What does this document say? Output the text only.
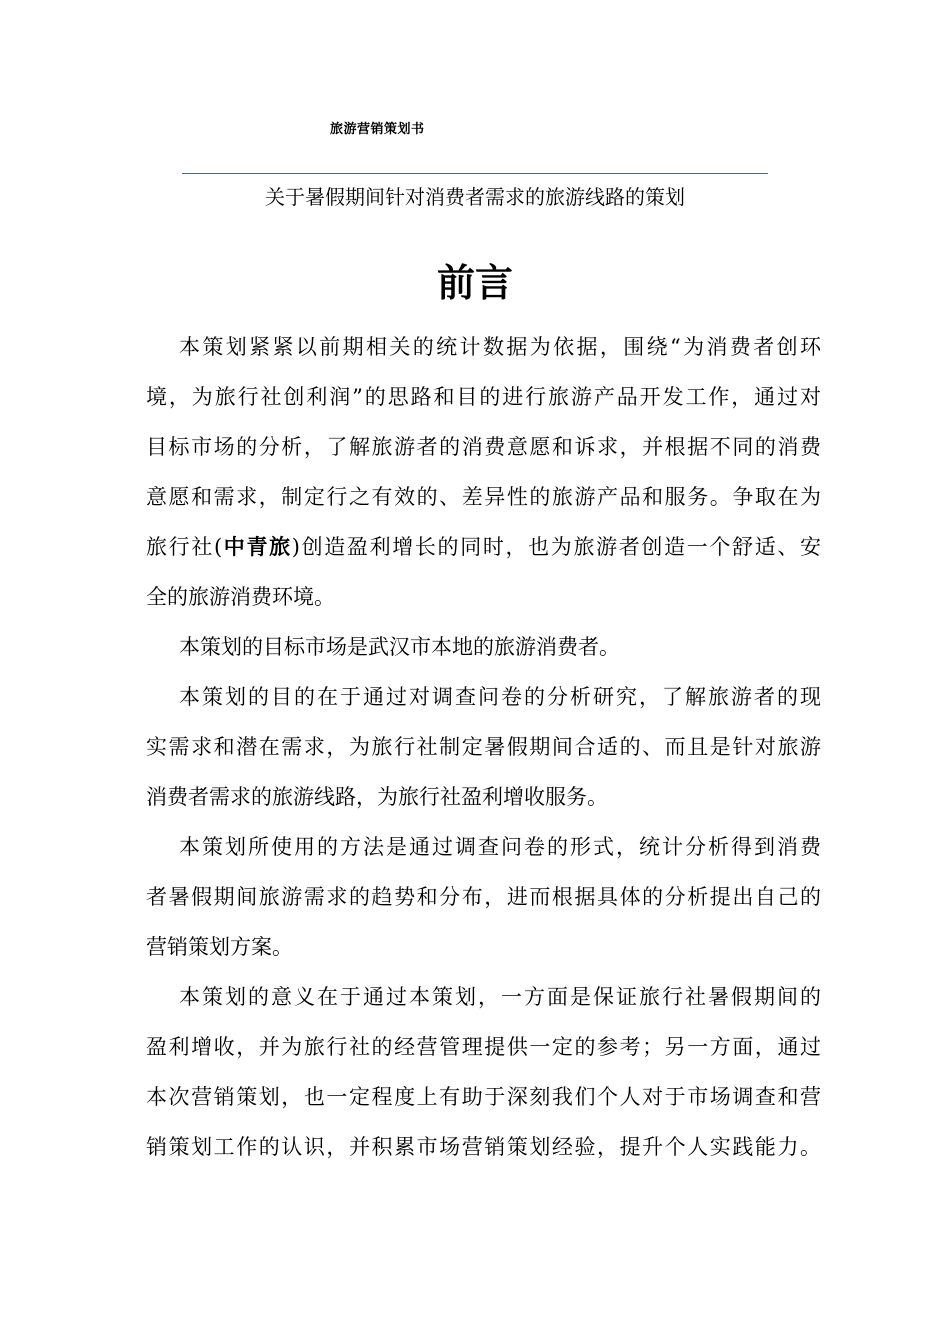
旅游营销策划书
关于暑假期间针对消费者需求的旅游线路的策划
前言
本策划紧紧以前期相关的统计数据为依据，围绕“为消费者创环
境，为旅行社创利润”的思路和目的进行旅游产品开发工作，通过对
目标市场的分析，了解旅游者的消费意愿和诉求，并根据不同的消费
意愿和需求，制定行之有效的、差异性的旅游产品和服务。争取在为
旅行社(中青旅)创造盈利增长的同时，也为旅游者创造一个舒适、安
全的旅游消费环境。
本策划的目标市场是武汉市本地的旅游消费者。
本策划的目的在于通过对调查问卷的分析研究，了解旅游者的现
实需求和潜在需求，为旅行社制定暑假期间合适的、而且是针对旅游
消费者需求的旅游线路，为旅行社盈利增收服务。
本策划所使用的方法是通过调查问卷的形式，统计分析得到消费
者暑假期间旅游需求的趋势和分布，进而根据具体的分析提出自己的
营销策划方案。
本策划的意义在于通过本策划，一方面是保证旅行社暑假期间的
盈利增收，并为旅行社的经营管理提供一定的参考；另一方面，通过
本次营销策划，也一定程度上有助于深刻我们个人对于市场调查和营
销策划工作的认识，并积累市场营销策划经验，提升个人实践能力。
